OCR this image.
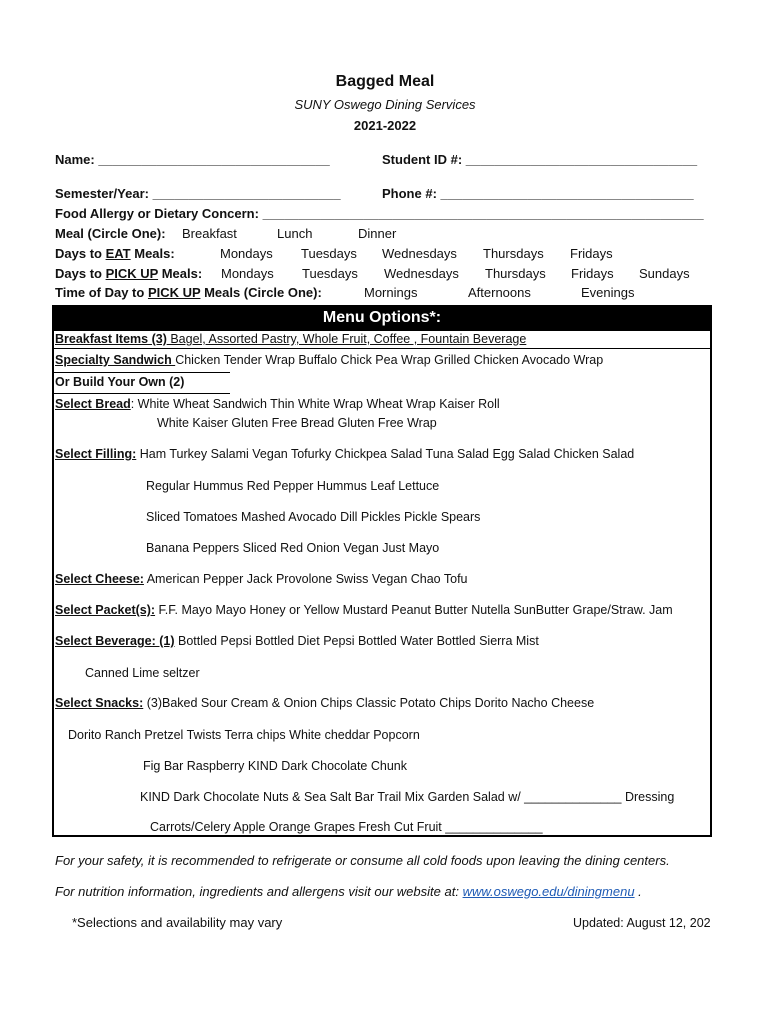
Bagged Meal
SUNY Oswego Dining Services
2021-2022
Name: ________________________________	Student ID #: ________________________________
Semester/Year: __________________________	Phone #: ___________________________________
Food Allergy or Dietary Concern: _____________________________________________________________
Meal (Circle One): Breakfast	Lunch	Dinner
Days to EAT Meals:	Mondays Tuesdays Wednesdays Thursdays Fridays
Days to PICK UP Meals: Mondays Tuesdays Wednesdays Thursdays Fridays Sundays
Time of Day to PICK UP Meals (Circle One):	Mornings	Afternoons	Evenings
Menu Options*:
Breakfast Items (3) Bagel, Assorted Pastry, Whole Fruit, Coffee , Fountain Beverage
Specialty Sandwich Chicken Tender Wrap Buffalo Chick Pea Wrap Grilled Chicken Avocado Wrap
Or Build Your Own (2)
Select Bread: White Wheat Sandwich Thin White Wrap Wheat Wrap Kaiser Roll
White Kaiser Gluten Free Bread Gluten Free Wrap
Select Filling: Ham Turkey Salami Vegan Tofurky Chickpea Salad Tuna Salad Egg Salad Chicken Salad
Regular Hummus Red Pepper Hummus Leaf Lettuce
Sliced Tomatoes Mashed Avocado Dill Pickles Pickle Spears
Banana Peppers Sliced Red Onion Vegan Just Mayo
Select Cheese: American Pepper Jack Provolone Swiss Vegan Chao Tofu
Select Packet(s): F.F. Mayo Mayo Honey or Yellow Mustard Peanut Butter Nutella SunButter Grape/Straw. Jam
Select Beverage: (1) Bottled Pepsi Bottled Diet Pepsi Bottled Water Bottled Sierra Mist
Canned Lime seltzer
Select Snacks: (3)Baked Sour Cream & Onion Chips Classic Potato Chips Dorito Nacho Cheese
Dorito Ranch Pretzel Twists Terra chips White cheddar Popcorn
Fig Bar Raspberry KIND Dark Chocolate Chunk
KIND Dark Chocolate Nuts & Sea Salt Bar Trail Mix Garden Salad w/ ______________ Dressing
Carrots/Celery Apple Orange Grapes Fresh Cut Fruit ______________
For your safety, it is recommended to refrigerate or consume all cold foods upon leaving the dining centers.
For nutrition information, ingredients and allergens visit our website at: www.oswego.edu/diningmenu .
*Selections and availability may vary	Updated: August 12, 202
